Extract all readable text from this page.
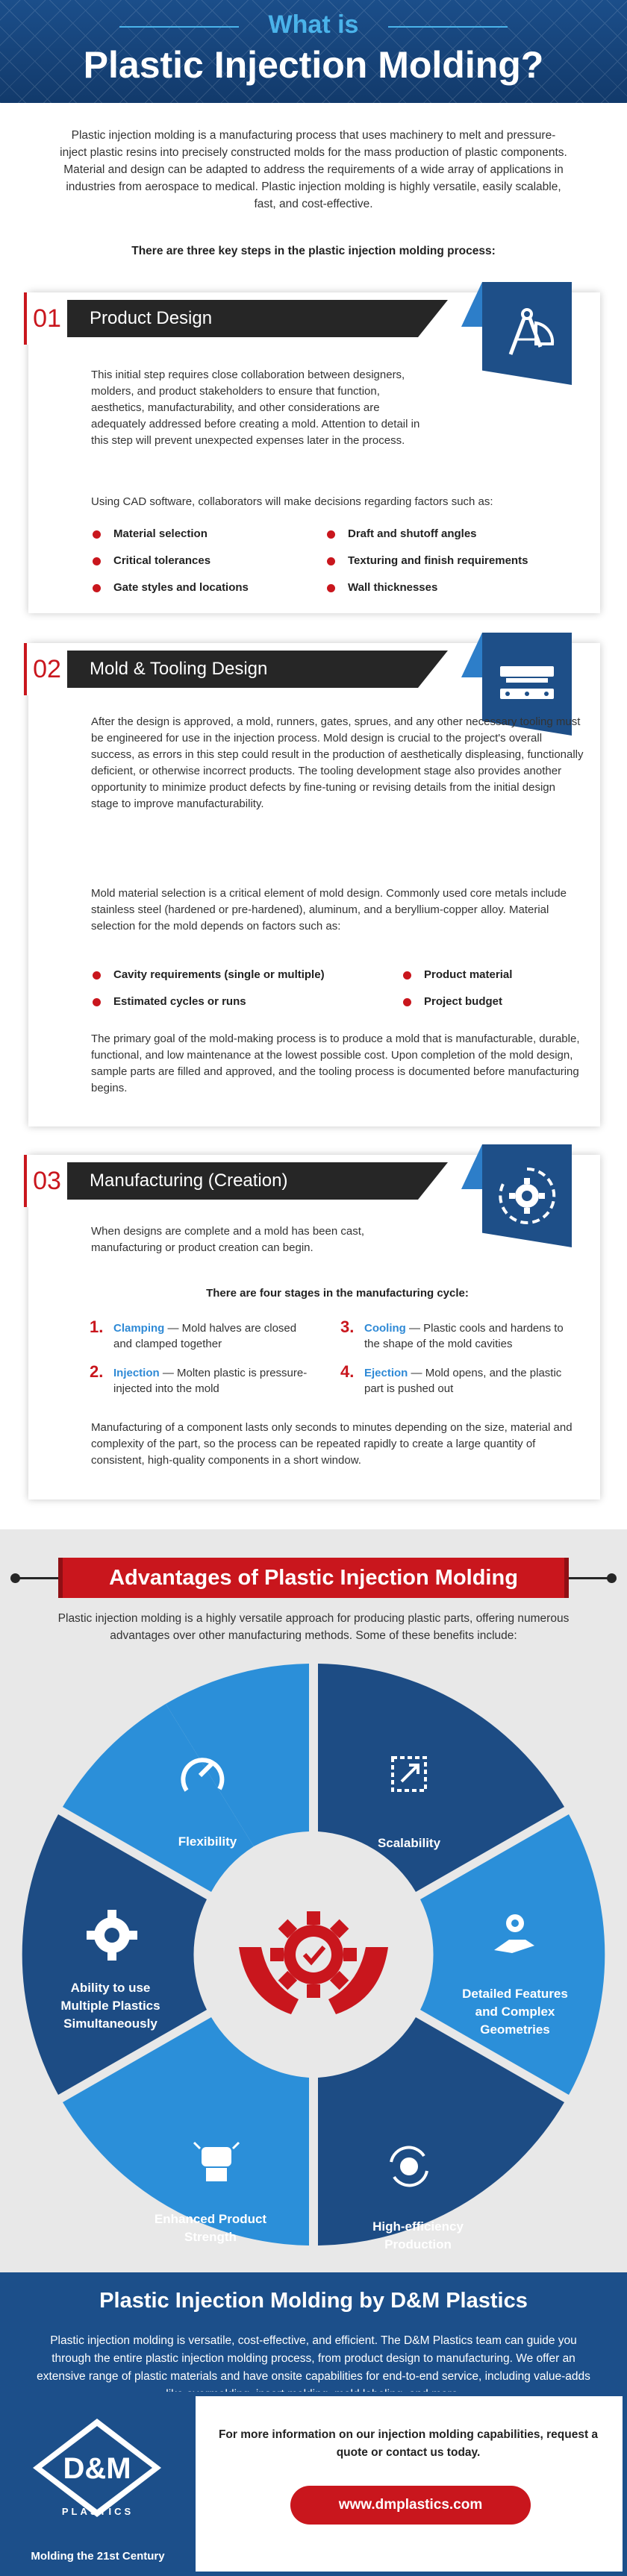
What is
Plastic Injection Molding?

Plastic injection molding is a manufacturing process that uses machinery to melt and pressure-inject plastic resins into precisely constructed molds for the mass production of plastic components. Material and design can be adapted to address the requirements of a wide array of applications in industries from aerospace to medical. Plastic injection molding is highly versatile, easily scalable, fast, and cost-effective.

There are three key steps in the plastic injection molding process:

01	Product Design

This initial step requires close collaboration between designers, molders, and product stakeholders to ensure that function, aesthetics, manufacturability, and other considerations are adequately addressed before creating a mold. Attention to detail in this step will prevent unexpected expenses later in the process.

Using CAD software, collaborators will make decisions regarding factors such as:

Material selection
Critical tolerances
Gate styles and locations
Draft and shutoff angles
Texturing and finish requirements
Wall thicknesses
02	Mold & Tooling Design

After the design is approved, a mold, runners, gates, sprues, and any other necessary tooling must be engineered for use in the injection process. Mold design is crucial to the project's overall success, as errors in this step could result in the production of aesthetically displeasing, functionally deficient, or otherwise incorrect products. The tooling development stage also provides another opportunity to minimize product defects by fine-tuning or revising details from the initial design stage to improve manufacturability.

Mold material selection is a critical element of mold design. Commonly used core metals include stainless steel (hardened or pre-hardened), aluminum, and a beryllium-copper alloy. Material selection for the mold depends on factors such as:

Cavity requirements (single or multiple)
Estimated cycles or runs
Product material
Project budget

The primary goal of the mold-making process is to produce a mold that is manufacturable, durable, functional, and low maintenance at the lowest possible cost. Upon completion of the mold design, sample parts are filled and approved, and the tooling process is documented before manufacturing begins.

03	Manufacturing (Creation)

When designs are complete and a mold has been cast, manufacturing or product creation can begin.

There are four stages in the manufacturing cycle:

1. Clamping — Mold halves are closed and clamped together
2. Injection — Molten plastic is pressure-injected into the mold
3. Cooling — Plastic cools and hardens to the shape of the mold cavities
4. Ejection — Mold opens, and the plastic part is pushed out

Manufacturing of a component lasts only seconds to minutes depending on the size, material and complexity of the part, so the process can be repeated rapidly to create a large quantity of consistent, high-quality components in a short window.

Advantages of Plastic Injection Molding

Plastic injection molding is a highly versatile approach for producing plastic parts, offering numerous advantages over other manufacturing methods. Some of these benefits include:

Flexibility	Scalability
Detailed Features
and Complex
Geometries
High-efficiency
Production
Enhanced Product
Strength
Ability to use
Multiple Plastics
Simultaneously
Plastic Injection Molding by D&M Plastics

Plastic injection molding is versatile, cost-effective, and efficient. The D&M Plastics team can guide you through the entire plastic injection molding process, from product design to manufacturing. We offer an extensive range of plastic materials and have onsite capabilities for end-to-end service, including value-adds

D&M
PLASTICS
Molding the 21st Century

For more information on our injection molding capabilities, request a quote or contact us today.

www.dmplastics.com
